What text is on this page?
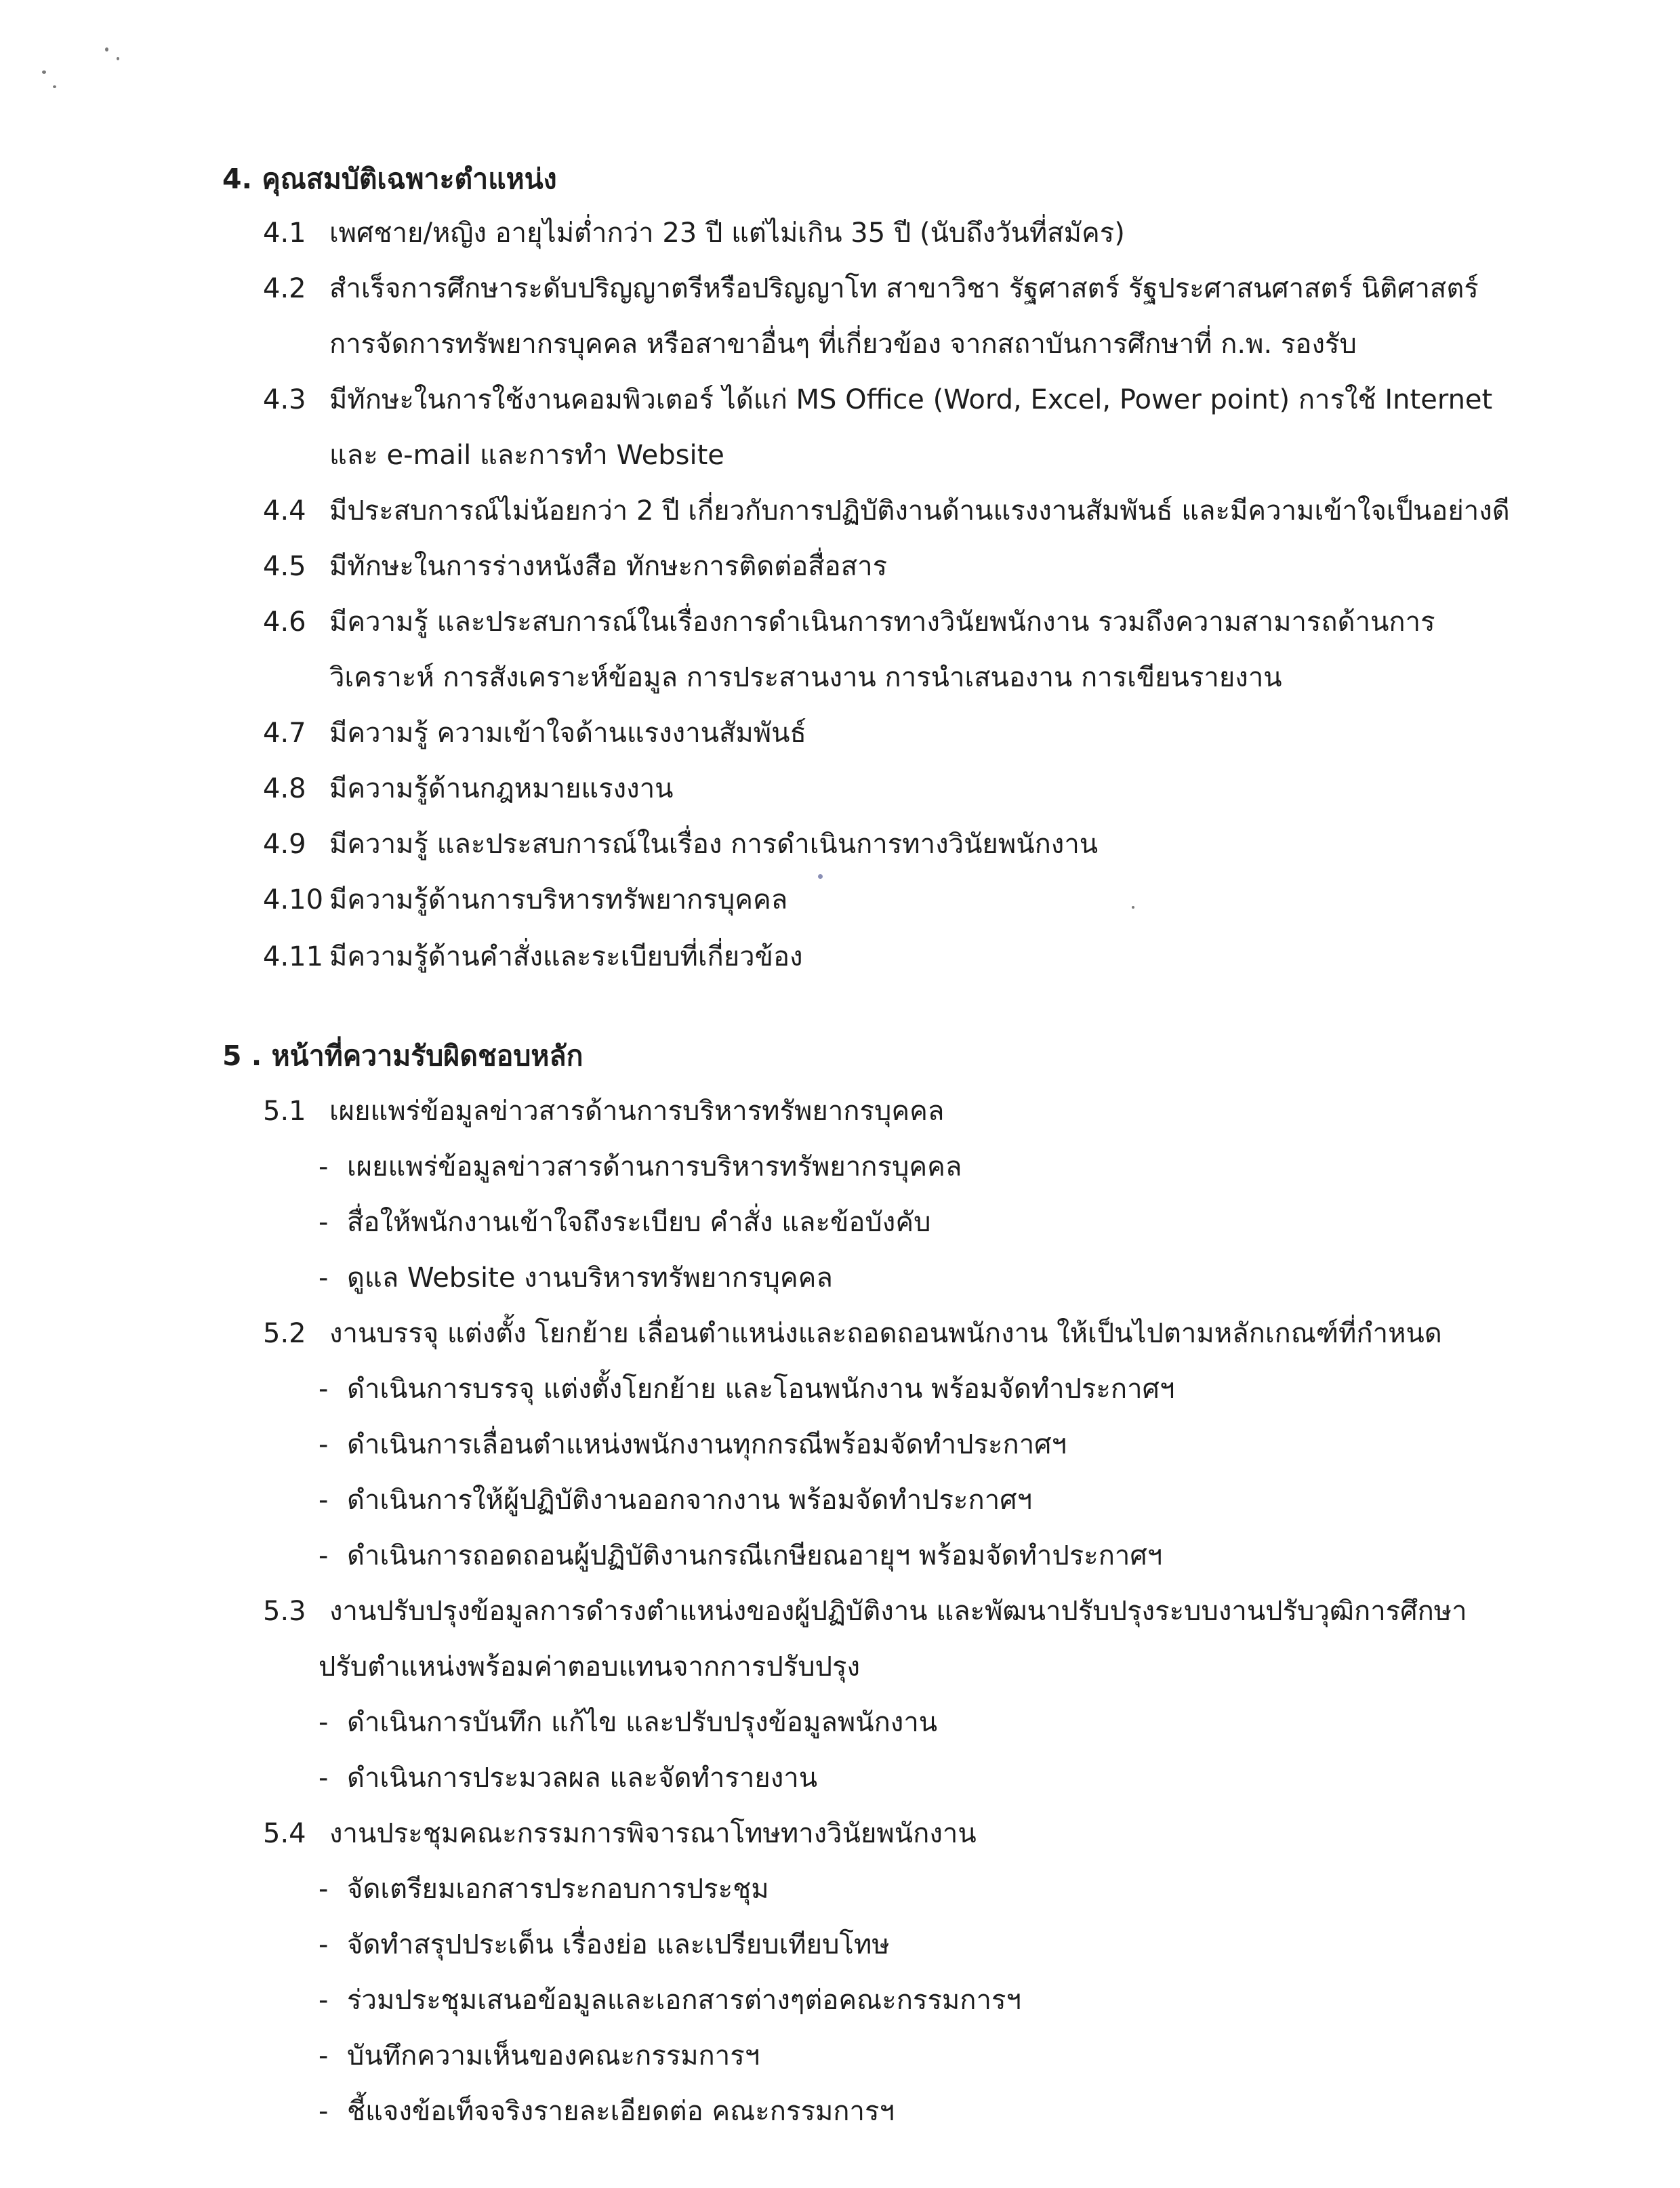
4. คุณสมบัติเฉพาะตำแหน่ง
4.1 เพศชาย/หญิง อายุไม่ต่ำกว่า 23 ปี แต่ไม่เกิน 35 ปี (นับถึงวันที่สมัคร)
4.2 สำเร็จการศึกษาระดับปริญญาตรีหรือปริญญาโท สาขาวิชา รัฐศาสตร์ รัฐประศาสนศาสตร์ นิติศาสตร์
การจัดการทรัพยากรบุคคล หรือสาขาอื่นๆ ที่เกี่ยวข้อง จากสถาบันการศึกษาที่ ก.พ. รองรับ
4.3 มีทักษะในการใช้งานคอมพิวเตอร์ ได้แก่ MS Office (Word, Excel, Power point) การใช้ Internet
และ e-mail และการทำ Website
4.4 มีประสบการณ์ไม่น้อยกว่า 2 ปี เกี่ยวกับการปฏิบัติงานด้านแรงงานสัมพันธ์ และมีความเข้าใจเป็นอย่างดี
4.5 มีทักษะในการร่างหนังสือ ทักษะการติดต่อสื่อสาร
4.6 มีความรู้ และประสบการณ์ในเรื่องการดำเนินการทางวินัยพนักงาน รวมถึงความสามารถด้านการ
วิเคราะห์ การสังเคราะห์ข้อมูล การประสานงาน การนำเสนองาน การเขียนรายงาน
4.7 มีความรู้ ความเข้าใจด้านแรงงานสัมพันธ์
4.8 มีความรู้ด้านกฎหมายแรงงาน
4.9 มีความรู้ และประสบการณ์ในเรื่อง การดำเนินการทางวินัยพนักงาน
4.10 มีความรู้ด้านการบริหารทรัพยากรบุคคล
4.11 มีความรู้ด้านคำสั่งและระเบียบที่เกี่ยวข้อง
5 . หน้าที่ความรับผิดชอบหลัก
5.1 เผยแพร่ข้อมูลข่าวสารด้านการบริหารทรัพยากรบุคคล
- เผยแพร่ข้อมูลข่าวสารด้านการบริหารทรัพยากรบุคคล
- สื่อให้พนักงานเข้าใจถึงระเบียบ คำสั่ง และข้อบังคับ
- ดูแล Website งานบริหารทรัพยากรบุคคล
5.2 งานบรรจุ แต่งตั้ง โยกย้าย เลื่อนตำแหน่งและถอดถอนพนักงาน ให้เป็นไปตามหลักเกณฑ์ที่กำหนด
- ดำเนินการบรรจุ แต่งตั้งโยกย้าย และโอนพนักงาน พร้อมจัดทำประกาศฯ
- ดำเนินการเลื่อนตำแหน่งพนักงานทุกกรณีพร้อมจัดทำประกาศฯ
- ดำเนินการให้ผู้ปฏิบัติงานออกจากงาน พร้อมจัดทำประกาศฯ
- ดำเนินการถอดถอนผู้ปฏิบัติงานกรณีเกษียณอายุฯ พร้อมจัดทำประกาศฯ
5.3 งานปรับปรุงข้อมูลการดำรงตำแหน่งของผู้ปฏิบัติงาน และพัฒนาปรับปรุงระบบงานปรับวุฒิการศึกษา
ปรับตำแหน่งพร้อมค่าตอบแทนจากการปรับปรุง
- ดำเนินการบันทึก แก้ไข และปรับปรุงข้อมูลพนักงาน
- ดำเนินการประมวลผล และจัดทำรายงาน
5.4 งานประชุมคณะกรรมการพิจารณาโทษทางวินัยพนักงาน
- จัดเตรียมเอกสารประกอบการประชุม
- จัดทำสรุปประเด็น เรื่องย่อ และเปรียบเทียบโทษ
- ร่วมประชุมเสนอข้อมูลและเอกสารต่างๆต่อคณะกรรมการฯ
- บันทึกความเห็นของคณะกรรมการฯ
- ชี้แจงข้อเท็จจริงรายละเอียดต่อ คณะกรรมการฯ
